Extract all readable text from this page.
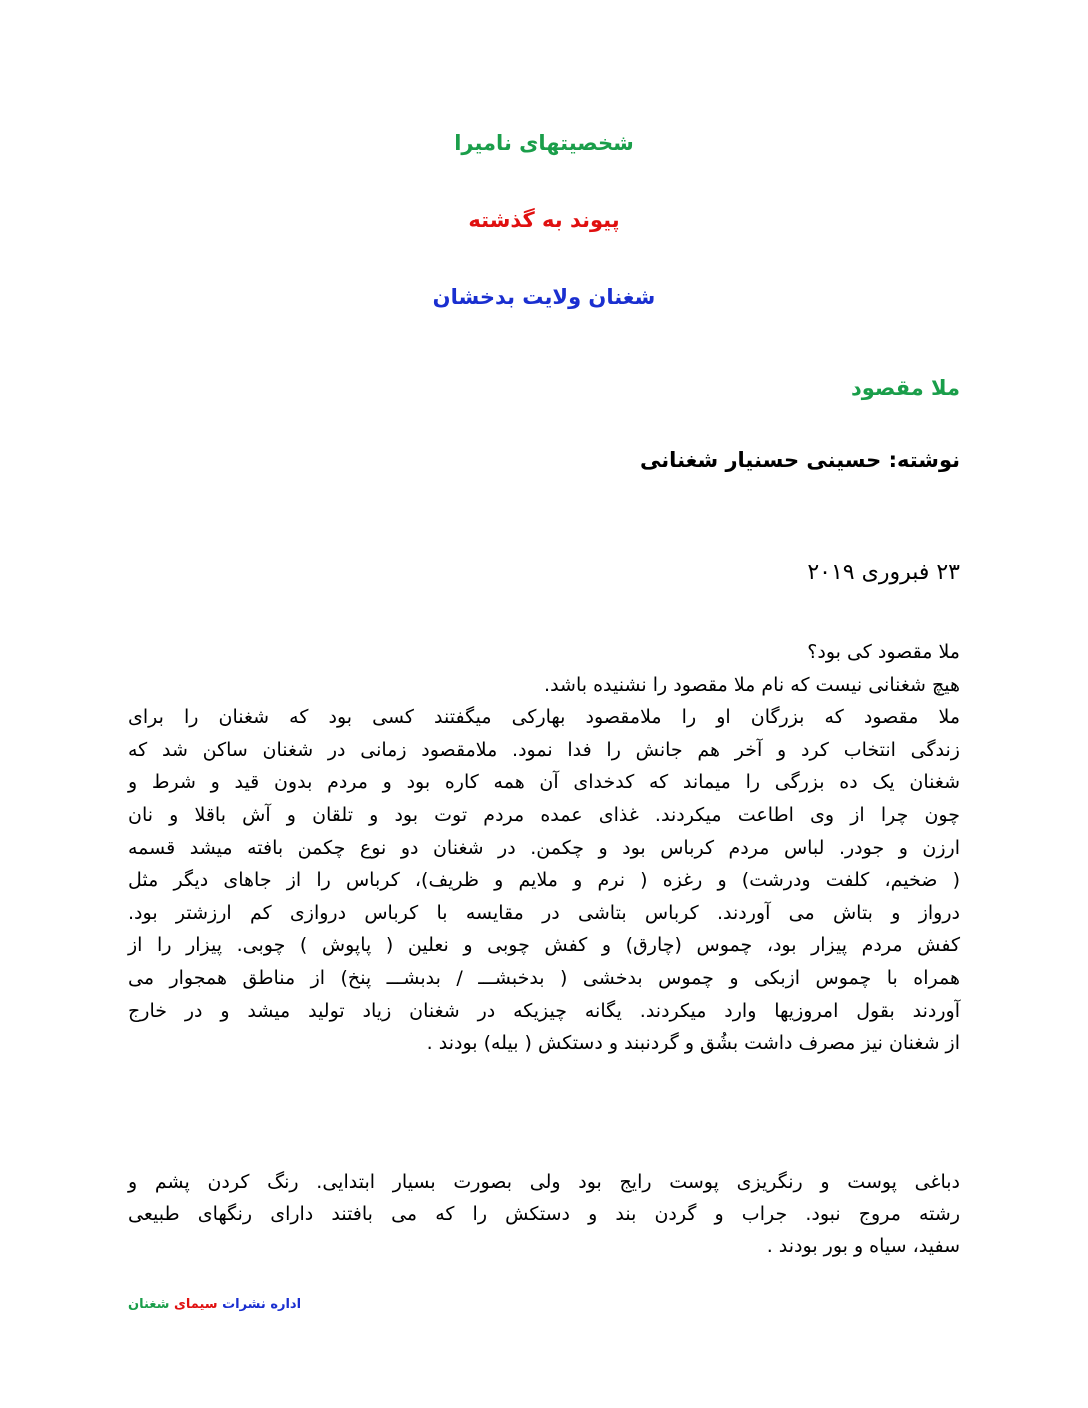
شخصیتهای نامیرا
پیوند به گذشته
شغنان ولایت بدخشان
ملا مقصود
نوشته: حسینی حسنیار شغنانی
۲۳ فبروری ۲۰۱۹
ملا مقصود کی بود؟
هیچ شغنانی نیست که نام ملا مقصود را نشنیده باشد.
ملا مقصود که بزرگان او را ملامقصود بهارکی میگفتند کسی بود که شغنان را برای
زندگی انتخاب کرد و آخر هم جانش را فدا نمود. ملامقصود زمانی در شغنان ساکن شد که
شغنان یک ده بزرگی را میماند که کدخدای آن همه کاره بود و مردم بدون قید و شرط و
چون چرا از وی اطاعت میکردند. غذای عمده مردم توت بود و تلقان و آش باقلا و نان
ارزن و جودر. لباس مردم کرباس بود و چکمن. در شغنان دو نوع چکمن بافته میشد قسمه
( ضخیم، کلفت ودرشت) و رغزه ( نرم و ملایم و ظریف)، کرباس را از جاهای دیگر مثل
درواز و بتاش می آوردند. کرباس بتاشی در مقایسه با کرباس دروازی کم ارزشتر بود.
کفش مردم پیزار بود، چموس (چارق) و کفش چوبی و نعلین ( پاپوش ) چوبی. پیزار را از
همراه با چموس ازبکی و چموس بدخشی ( بدخبشـــ / بدبشـــ پنخ) از مناطق همجوار می
آوردند بقول امروزیها وارد میکردند. یگانه چیزیکه در شغنان زیاد تولید میشد و در خارج
از شغنان نیز مصرف داشت بشُق و گردنبند و دستکش ( بیله) بودند .
دباغی پوست و رنگریزی پوست رایج بود ولی بصورت بسیار ابتدایی. رنگ کردن پشم و
رشته مروج نبود. جراب و گردن بند و دستکش را که می بافتند دارای رنگهای طبیعی
سفید، سیاه و بور بودند .
اداره نشرات سیمای شغنان
